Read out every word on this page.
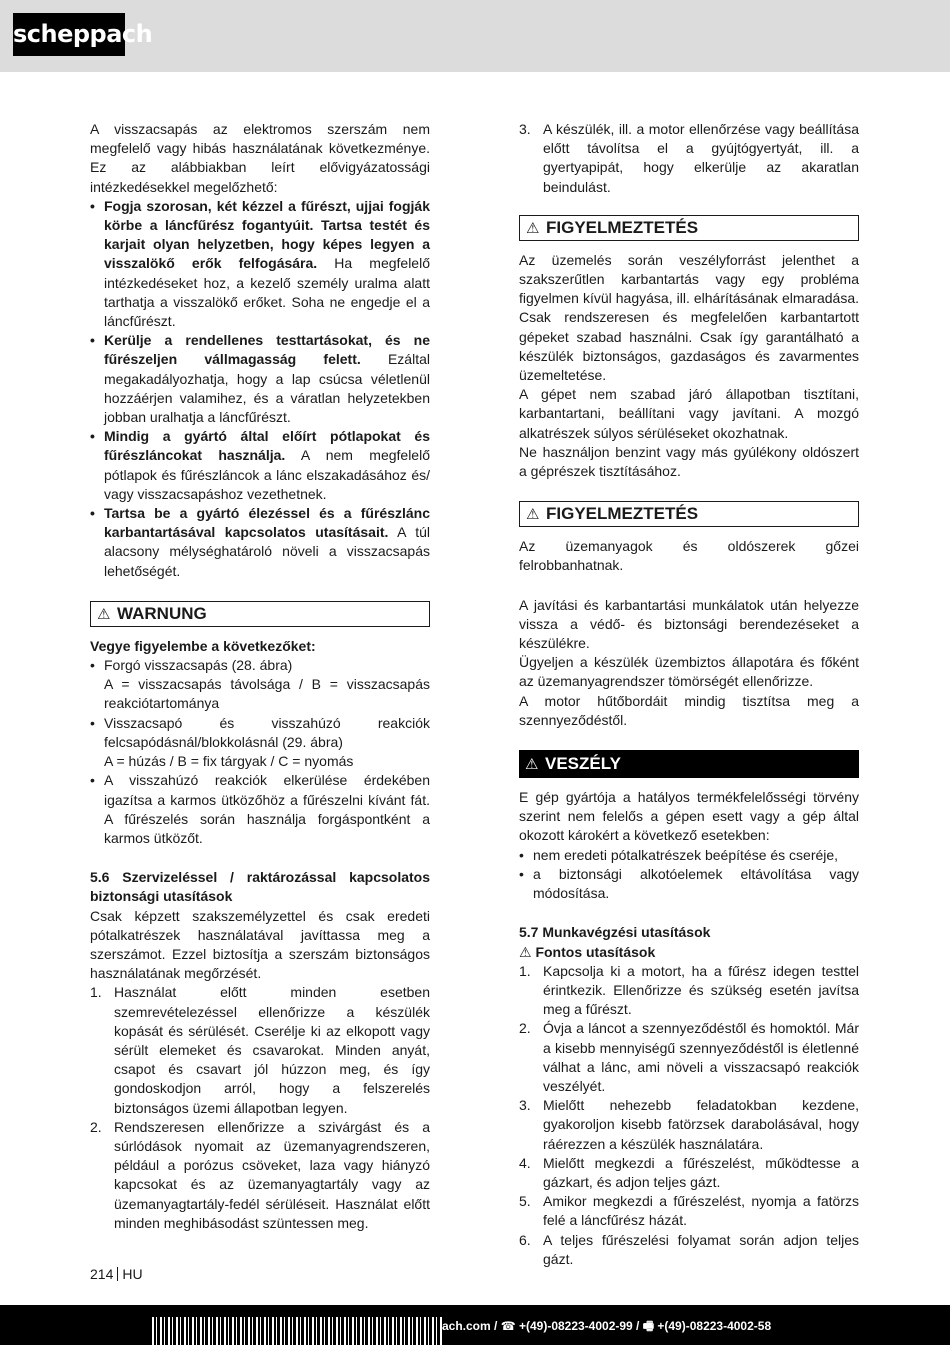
scheppach

A visszacsapás az elektromos szerszám nem megfelelő vagy hibás használatának következménye. Ez az alábbiakban leírt elővigyázatossági intézkedésekkel megelőzhető:

• Fogja szorosan, két kézzel a fűrészt, ujjai fogják körbe a láncfűrész fogantyúit. Tartsa testét és karjait olyan helyzetben, hogy képes legyen a visszalökő erők felfogására. Ha megfelelő intézkedéseket hoz, a kezelő személy uralma alatt tarthatja a visszalökő erőket. Soha ne engedje el a láncfűrészt.
• Kerülje a rendellenes testtartásokat, és ne fűrészeljen vállmagasság felett. Ezáltal megakadályozhatja, hogy a lap csúcsa véletlenül hozzáérjen valamihez, és a váratlan helyzetekben jobban uralhatja a láncfűrészt.
• Mindig a gyártó által előírt pótlapokat és fűrészláncokat használja. A nem megfelelő pótlapok és fűrészláncok a lánc elszakadásához és/ vagy visszacsapáshoz vezethetnek.
• Tartsa be a gyártó élezéssel és a fűrészlánc karbantartásával kapcsolatos utasításait. A túl alacsony mélységhatároló növeli a visszacsapás lehetőségét.
⚠ WARNUNG

Vegye figyelembe a következőket:

• Forgó visszacsapás (28. ábra)
A = visszacsapás távolsága / B = visszacsapás reakciótartománya
• Visszacsapó és visszahúzó reakciók felcsapódásnál/blokkolásnál (29. ábra)
A = húzás / B = fix tárgyak / C = nyomás
• A visszahúzó reakciók elkerülése érdekében igazítsa a karmos ütközőhöz a fűrészelni kívánt fát. A fűrészelés során használja forgáspontként a karmos ütközőt.

5.6 Szervizeléssel / raktározással kapcsolatos biztonsági utasítások

Csak képzett szakszemélyzettel és csak eredeti pótalkatrészek használatával javíttassa meg a szerszámot. Ezzel biztosítja a szerszám biztonságos használatának megőrzését.

1. Használat előtt minden esetben szemrevételezéssel ellenőrizze a készülék kopását és sérülését. Cserélje ki az elkopott vagy sérült elemeket és csavarokat. Minden anyát, csapot és csavart jól húzzon meg, és így gondoskodjon arról, hogy a felszerelés biztonságos üzemi állapotban legyen.
2. Rendszeresen ellenőrizze a szivárgást és a súrlódások nyomait az üzemanyagrendszeren, például a porózus csöveket, laza vagy hiányzó kapcsokat és az üzemanyagtartály vagy az üzemanyagtartály-fedél sérüléseit. Használat előtt minden meghibásodást szüntessen meg.
3. A készülék, ill. a motor ellenőrzése vagy beállítása előtt távolítsa el a gyújtógyertyát, ill. a gyertyapipát, hogy elkerülje az akaratlan beindulást.
⚠ FIGYELMEZTETÉS

Az üzemelés során veszélyforrást jelenthet a szakszerűtlen karbantartás vagy egy probléma figyelmen kívül hagyása, ill. elhárításának elmaradása. Csak rendszeresen és megfelelően karbantartott gépeket szabad használni. Csak így garantálható a készülék biztonságos, gazdaságos és zavarmentes üzemeltetése.

A gépet nem szabad járó állapotban tisztítani, karbantartani, beállítani vagy javítani. A mozgó alkatrészek súlyos sérüléseket okozhatnak.

Ne használjon benzint vagy más gyúlékony oldószert a géprészek tisztításához.

⚠ FIGYELMEZTETÉS

Az üzemanyagok és oldószerek gőzei felrobbanhatnak.

A javítási és karbantartási munkálatok után helyezze vissza a védő- és biztonsági berendezéseket a készülékre.

Ügyeljen a készülék üzembiztos állapotára és főként az üzemanyagrendszer tömörségét ellenőrizze.

A motor hűtőbordáit mindig tisztítsa meg a szennyeződéstől.

⚠ VESZÉLY

E gép gyártója a hatályos termékfelelősségi törvény szerint nem felelős a gépen esett vagy a gép által okozott károkért a következő esetekben:

• nem eredeti pótalkatrészek beépítése és cseréje,
• a biztonsági alkotóelemek eltávolítása vagy módosítása.

5.7 Munkavégzési utasítások

⚠ Fontos utasítások

1. Kapcsolja ki a motort, ha a fűrész idegen testtel érintkezik. Ellenőrizze és szükség esetén javítsa meg a fűrészt.
2. Óvja a láncot a szennyeződéstől és homoktól. Már a kisebb mennyiségű szennyeződéstől is életlenné válhat a lánc, ami növeli a visszacsapó reakciók veszélyét.
3. Mielőtt nehezebb feladatokban kezdene, gyakoroljon kisebb fatörzsek darabolásával, hogy ráérezzen a készülék használatára.
4. Mielőtt megkezdi a fűrészelést, működtesse a gázkart, és adjon teljes gázt.
5. Amikor megkezdi a fűrészelést, nyomja a fatörzs felé a láncfűrész házát.
6. A teljes fűrészelési folyamat során adjon teljes gázt.
214 HU
ach.com / ☎ +(49)-08223-4002-99 / 🖷 +(49)-08223-4002-58
